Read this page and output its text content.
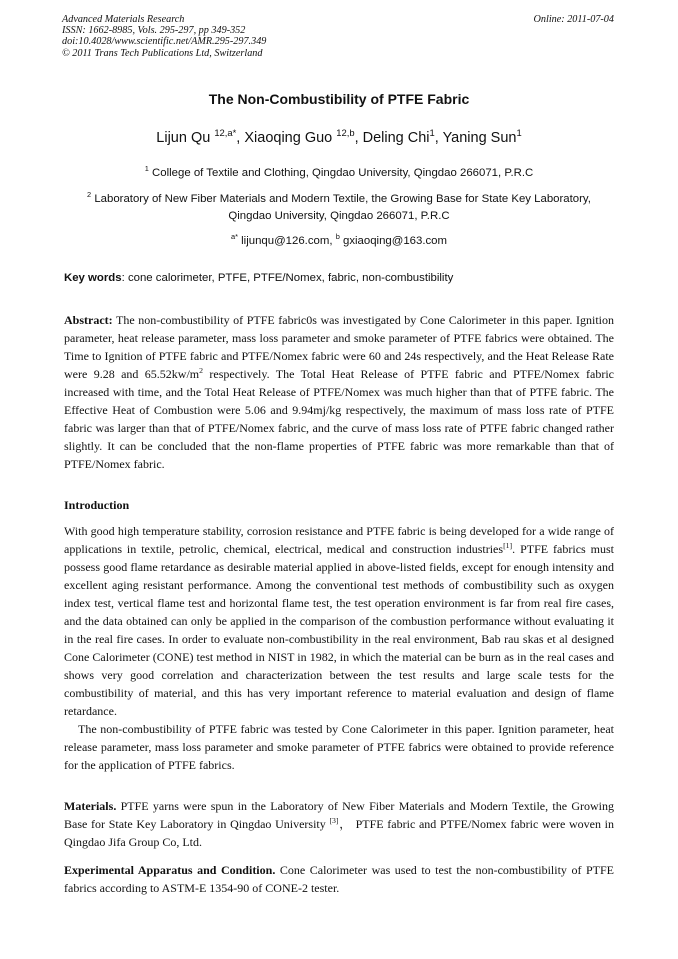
Advanced Materials Research
ISSN: 1662-8985, Vols. 295-297, pp 349-352
doi:10.4028/www.scientific.net/AMR.295-297.349
© 2011 Trans Tech Publications Ltd, Switzerland
Online: 2011-07-04
The Non-Combustibility of PTFE Fabric
Lijun Qu $^{12,a*}$, Xiaoqing Guo $^{12,b}$, Deling Chi$^1$, Yaning Sun$^1$
$^1$ College of Textile and Clothing, Qingdao University, Qingdao 266071, P.R.C
$^2$ Laboratory of New Fiber Materials and Modern Textile, the Growing Base for State Key Laboratory,
Qingdao University, Qingdao 266071, P.R.C
$^{a*}$ lijunqu@126.com, $^b$ gxiaoqing@163.com
Key words: cone calorimeter, PTFE, PTFE/Nomex, fabric, non-combustibility

Abstract: The non-combustibility of PTFE fabric0s was investigated by Cone Calorimeter in this paper. Ignition parameter, heat release parameter, mass loss parameter and smoke parameter of PTFE fabrics were obtained. The Time to Ignition of PTFE fabric and PTFE/Nomex fabric were 60 and 24s respectively, and the Heat Release Rate were 9.28 and $65.52kw/m^2$ respectively. The Total Heat Release of PTFE fabric and PTFE/Nomex fabric increased with time, and the Total Heat Release of PTFE/Nomex was much higher than that of PTFE fabric. The Effective Heat of Combustion were 5.06 and 9.94mj/kg respectively, the maximum of mass loss rate of PTFE fabric was larger than that of PTFE/Nomex fabric, and the curve of mass loss rate of PTFE fabric changed rather slightly. It can be concluded that the non-flame properties of PTFE fabric was more remarkable than that of PTFE/Nomex fabric.

Introduction

With good high temperature stability, corrosion resistance and PTFE fabric is being developed for a wide range of applications in textile, petrolic, chemical, electrical, medical and construction industries[1]. PTFE fabrics must possess good flame retardance as desirable material applied in above-listed fields, except for enough intensity and excellent aging resistant performance. Among the conventional test methods of combustibility such as oxygen index test, vertical flame test and horizontal flame test, the test operation environment is far from real fire cases, and the data obtained can only be applied in the comparison of the combustion performance without evaluating it in the real fire cases. In order to evaluate non-combustibility in the real environment, Bab rau skas et al designed Cone Calorimeter (CONE) test method in NIST in 1982, in which the material can be burn as in the real cases and shows very good correlation and characterization between the test results and large scale tests for the combustibility of material, and this has very important reference to material evaluation and design of flame retardance.

The non-combustibility of PTFE fabric was tested by Cone Calorimeter in this paper. Ignition parameter, heat release parameter, mass loss parameter and smoke parameter of PTFE fabrics were obtained to provide reference for the application of PTFE fabrics.

Materials. PTFE yarns were spun in the Laboratory of New Fiber Materials and Modern Textile, the Growing Base for State Key Laboratory in Qingdao University [3]， PTFE fabric and PTFE/Nomex fabric were woven in Qingdao Jifa Group Co, Ltd.

Experimental Apparatus and Condition. Cone Calorimeter was used to test the non-combustibility of PTFE fabrics according to ASTM-E 1354-90 of CONE-2 tester.
